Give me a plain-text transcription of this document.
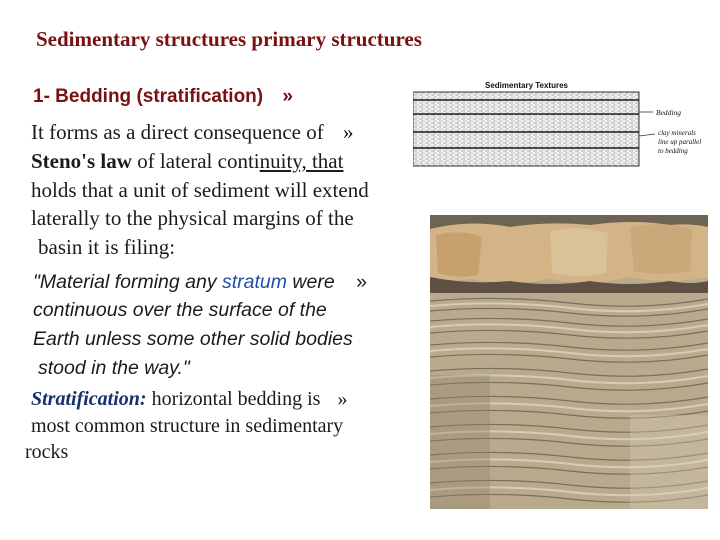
Sedimentary structures primary structures
1- Bedding (stratification) »
It forms as a direct consequence of »
Steno's law of lateral continuity, that
holds that a unit of sediment will extend
laterally to the physical margins of the
basin it is filing:
"Material forming any stratum were »
continuous over the surface of the
Earth unless some other solid bodies
stood in the way."
Stratification: horizontal bedding is »
most common structure in sedimentary
rocks
Sedimentary Textures
Bedding
clay minerals
line up parallel
to bedding
